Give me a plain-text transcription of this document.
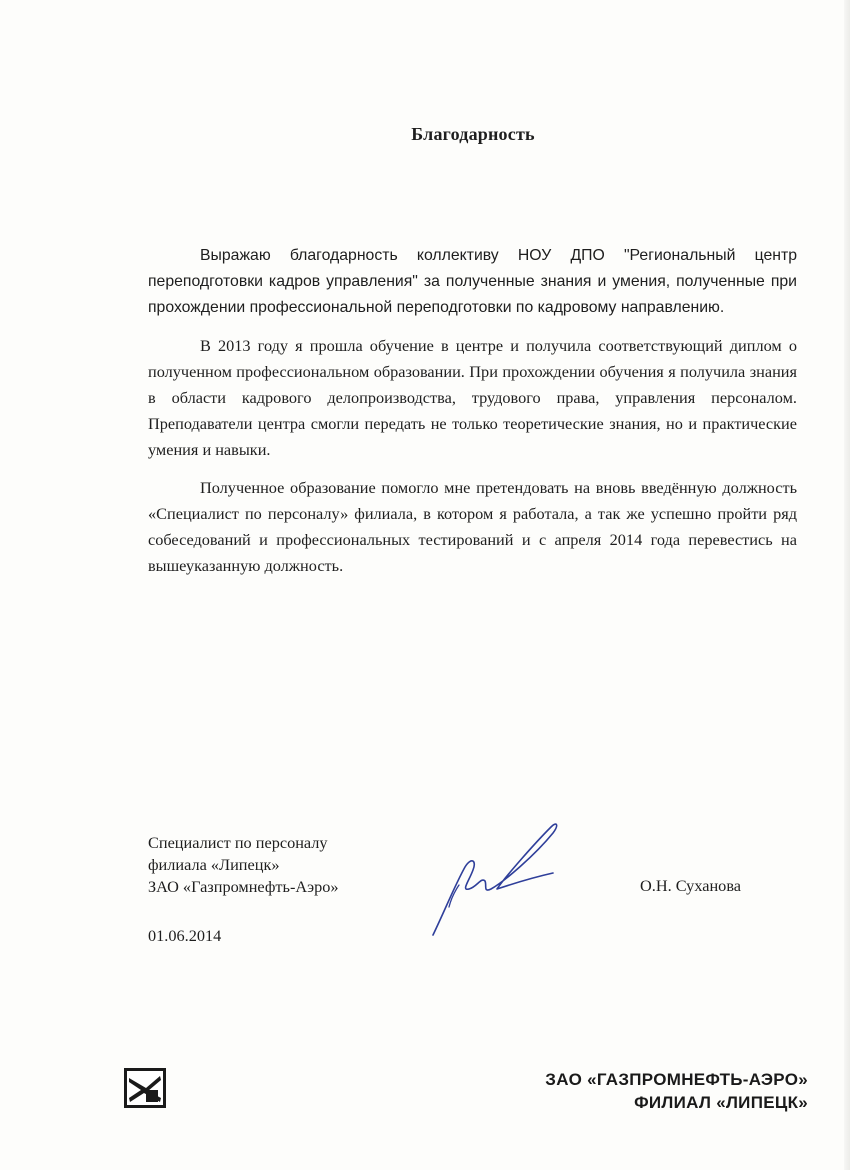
Благодарность

Выражаю благодарность коллективу НОУ ДПО "Региональный центр переподготовки кадров управления" за полученные знания и умения, полученные при прохождении профессиональной переподготовки по кадровому направлению.

В 2013 году я прошла обучение в центре и получила соответствующий диплом о полученном профессиональном образовании. При прохождении обучения я получила знания в области кадрового делопроизводства, трудового права, управления персоналом. Преподаватели центра смогли передать не только теоретические знания, но и практические умения и навыки.

Полученное образование помогло мне претендовать на вновь введённую должность «Специалист по персоналу» филиала, в котором я работала, а так же успешно пройти ряд собеседований и профессиональных тестирований и с апреля 2014 года перевестись на вышеуказанную должность.

Специалист по персоналу
филиала «Липецк»
ЗАО «Газпромнефть-Аэро»	О.Н. Суханова
01.06.2014
ЗАО «ГАЗПРОМНЕФТЬ-АЭРО»
ФИЛИАЛ «ЛИПЕЦК»
